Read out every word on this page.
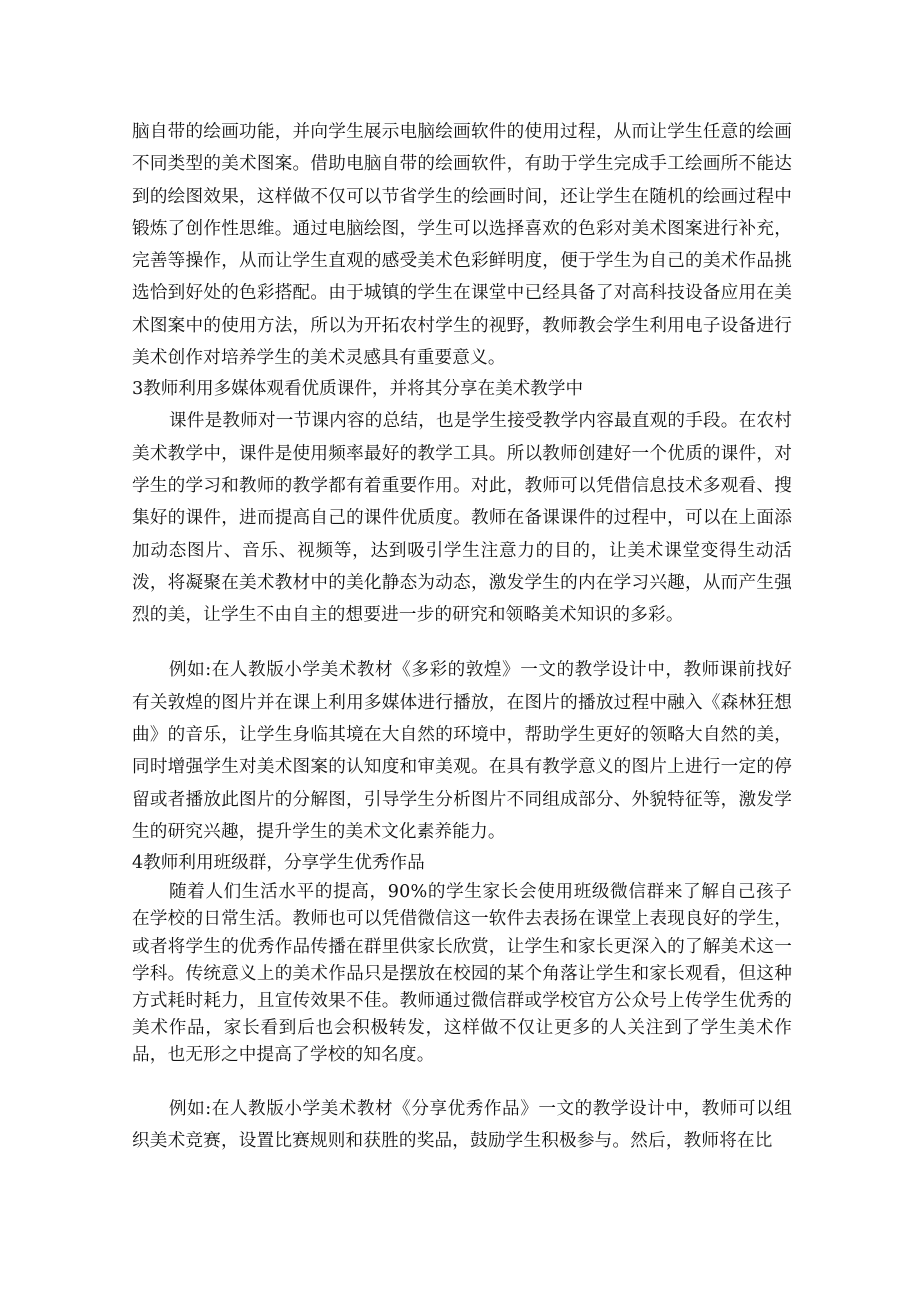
脑自带的绘画功能，并向学生展示电脑绘画软件的使用过程，从而让学生任意的绘画不同类型的美术图案。借助电脑自带的绘画软件，有助于学生完成手工绘画所不能达到的绘图效果，这样做不仅可以节省学生的绘画时间，还让学生在随机的绘画过程中锻炼了创作性思维。通过电脑绘图，学生可以选择喜欢的色彩对美术图案进行补充，完善等操作，从而让学生直观的感受美术色彩鲜明度，便于学生为自己的美术作品挑选恰到好处的色彩搭配。由于城镇的学生在课堂中已经具备了对高科技设备应用在美术图案中的使用方法，所以为开拓农村学生的视野，教师教会学生利用电子设备进行美术创作对培养学生的美术灵感具有重要意义。

3教师利用多媒体观看优质课件，并将其分享在美术教学中

课件是教师对一节课内容的总结，也是学生接受教学内容最直观的手段。在农村美术教学中，课件是使用频率最好的教学工具。所以教师创建好一个优质的课件，对学生的学习和教师的教学都有着重要作用。对此，教师可以凭借信息技术多观看、搜集好的课件，进而提高自己的课件优质度。教师在备课课件的过程中，可以在上面添加动态图片、音乐、视频等，达到吸引学生注意力的目的，让美术课堂变得生动活泼，将凝聚在美术教材中的美化静态为动态，激发学生的内在学习兴趣，从而产生强烈的美，让学生不由自主的想要进一步的研究和领略美术知识的多彩。

例如:在人教版小学美术教材《多彩的敦煌》一文的教学设计中，教师课前找好有关敦煌的图片并在课上利用多媒体进行播放，在图片的播放过程中融入《森林狂想曲》的音乐，让学生身临其境在大自然的环境中，帮助学生更好的领略大自然的美，同时增强学生对美术图案的认知度和审美观。在具有教学意义的图片上进行一定的停留或者播放此图片的分解图，引导学生分析图片不同组成部分、外貌特征等，激发学生的研究兴趣，提升学生的美术文化素养能力。

4教师利用班级群，分享学生优秀作品

随着人们生活水平的提高，90%的学生家长会使用班级微信群来了解自己孩子在学校的日常生活。教师也可以凭借微信这一软件去表扬在课堂上表现良好的学生，或者将学生的优秀作品传播在群里供家长欣赏，让学生和家长更深入的了解美术这一学科。传统意义上的美术作品只是摆放在校园的某个角落让学生和家长观看，但这种方式耗时耗力，且宣传效果不佳。教师通过微信群或学校官方公众号上传学生优秀的美术作品，家长看到后也会积极转发，这样做不仅让更多的人关注到了学生美术作品，也无形之中提高了学校的知名度。

例如:在人教版小学美术教材《分享优秀作品》一文的教学设计中，教师可以组织美术竞赛，设置比赛规则和获胜的奖品，鼓励学生积极参与。然后，教师将在比
